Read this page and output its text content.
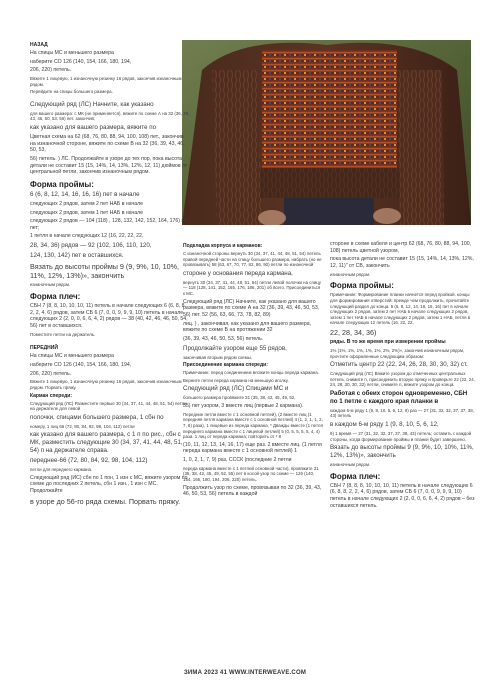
НАЗАД
На спицы МС и меньшего размера
наберите СО 126 (140, 154, 166, 180, 194,
206, 220) петель.
Вяжите 1 лицевую, 1 изнаночную резинку 16 рядов, закончив изнаночным рядом.
Перейдите на спицы большего размера.
Следующий ряд (ЛС) Начните, как указано
для вашего размера: с МК (не применяется), вяжите по схеме А на 32 (36, 39, 43, 46, 50, 53, 56) пет. закончив;
как указано для вашего размера, вяжите по
Цветная схема на 62 (68, 76, 80, 88, 94, 100, 108) пет., закончив на изнаночной стороне, вяжите по схеме В на 32 (36, 39, 43, 46, 50, 53,
56) петель. ) ЛС. Продолжайте в узоре до тех пор, пока высота детали не составит 15 (15, 14%, 14, 13%, 12%, 12, 11) дюймов от центральной петли, закончив изнаночным рядом.
Форма проймы:
6 (6, 8, 12, 14, 16, 16, 16) пет в начале
следующих 2 рядов, затем 2 пет НАБ в начале
следующих 2 рядов, затем 1 пет НАБ в начале
следующих 2 рядов — 104 (118) , 128, 132, 142, 152, 164, 176) пет пет;
1 петля в начале следующих 12 (16, 22, 22, 22,
28, 34, 36) рядов — 92 (102, 106, 110, 120,
124, 130, 142) пет в оставшихся.
Вязать до высоты проймы 9 (9, 9%, 10, 10%, 11%, 12%, 13%)», закончить
изнаночным рядом.
Форма плеч:
СБН 7 (8, 8, 10, 10, 10, 11) петель в начале следующих 6 (6, 8, 8, 2, 2, 4, 6) рядов, затем СБ 6 (7, 0, 0, 9, 9, 9, 10) петель в начале следующих 2 (2, 0, 0, 6, 6, 4, 2) рядов — 38 (40, 42, 46, 46, 50, 54, 56) пет в оставшихся.
Поместите петли на держатель.
ПЕРЕДНИЙ
На спицы МС и меньшего размера
наберите СО 126 (140, 154, 166, 180, 194,
206, 220) петель.
Вяжите 1 лицевую, 1 изнаночную резинку 16 рядов, закончив изнаночным рядом. Порвать пряжу.
Карман спереди:
Следующий ряд (ЛС) Разместите первые 30 (34, 37, 41, 44, 48, 51, 54) петли на держателе для левой
полочки, спицами большего размера, 1 сбн по
номеру, 1 лиц 66 (72, 80, 84, 92, 98, 104, 112) петли
как указано для вашего размера, с 1 п по рис., сбн с МК, разместить следующие 30 (34, 37, 41, 44, 48, 51, 54) п на держателе справа.
переднее-66 (72, 80, 84, 92, 98, 104, 112)
петли для переднего кармана.
Следующий ряд (ИС) сбн по 1 пон, 1 изн с МС, вяжите узором по схеме до последних 2 петель, сбн 1 изн., 1 изн с МС. Продолжайте
в узоре до 56-го ряда схемы. Порвать пряжу.
Подкладка корпуса и карманов:
С изнаночной стороны вернуть 30 (34, 37, 41, 44, 48, 51, 54) петель правой передней части на спицу большего размера, набрать (но не провязывать) 58 (63, 67, 70, 77, 82, 86, 90) петли по изнаночной
стороне у основания переда кармана,
вернуть 30 (34, 37, 41, 44, 48, 51, 54) петли левой полочки на спицу — 118 (128, 141, 152, 165, 176, 186, 201) об всего. Присоединиться к МС.
Следующий ряд (ЛС) Начните, как указано для вашего размера, вяжите по схеме А на 32 (36, 39, 43, 46, 50, 53, 56) пет. 52 (56, 63, 66, 73, 78, 82, 89)
лиц. ) , закончивая, как указано для вашего размера, вяжите по схеме В на протяжении 32
(36, 39, 43, 46, 50, 53, 56) петель.
Продолжайте узором еще 55 рядов,
закончивая вторым рядом схемы.
Присоединение кармана спереди:
Примечание: перед соединением вложите концы переда кармана.
Верните петли переда кармана на меньшую иголку.
Следующий ряд (ЛС) Спицами МС и
большего размера провяжите 31 (35, 38, 42, 45, 49, 52,
55) пет узором, 3 вместе лиц (первые 2 кармана).
Передние петли вместе с 1 основной петлей), (2 вместе лиц (1 передняя петля кармана вместе с 1 основной петлей) 4 (1, 2, 1, 1, 2, 7, 8) раза), 1 лицевые из переда кармана, * Дважды вместе (1 петля переднего кармана вместе с 1 лицевой петлей) 5 (0, 5, 5, 5, 5, 4, 4) раза. 1 лиц от переда кармана; повторить от * 8
(10, 11, 12, 13, 14, 16, 17) еще раз. 2 вместе лиц. (1 петля переда кармана вместе с 1 основной петлей) 1
1, 0, 2, 1, 7, 9) раз, СССК (последние 2 петли
переда кармана вместе с 1 петлей основной части), провяжите 31 (35, 38, 42, 45, 49, 52, 55) пет в косой узор по схеме — 126 (140, 154, 166, 180, 194, 206, 220) петель.
Продолжить узор по схеме, провязывая по 32 (36, 39, 43, 46, 50, 53, 56) петель в каждой
стороне в схеме кабеля и центр 62 (68, 76, 80, 88, 94, 100, 108) петель цветной узором,
пока высота детали не составит 15 (15, 14%, 14, 13%, 12%, 12, 11)" от СВ, закончить
изнаночным рядом.
Форма проймы:
Примечание: Формирование планки начнется перед пройкой. концы для формирования отверстий; прежде чем продолжить, прочитайте следующий раздел до конца. 6 (6, 8, 12, 14, 16, 16, 16) пет в начале следующих 2 рядов, затем 2 пет НАБ в начале следующих 2 рядов, затем 1 пет НАБ в начале следующих 2 рядов, затем 1 НАБ, петля в начале следующих 12 петель (16, 22, 22,
22, 28, 34, 36)
ряды. В то же время при измерении проймы
1% (1%, 1%, 1%, 1%, 1%, 2%, 2%)», закончив изнаночным рядом, прочтите оформленные следующим образом:
Отметить центр 22 (22, 24, 26, 28, 30, 30, 32) ст.
Следующий ряд (ЛС) Вяжите узором до отмеченных центральных петель, снимите п, присоединить вторую пряжу и проверьте 22 (22, 24, 24, 28, 30, 30, 32) петли, снимите п, вяжите узором до конца.
Работая с обеих сторон одновременно, СБН по 1 петле с каждого края планки в
каждом 6-м ряду 1 (9, 8, 10, 5, 6, 12, 9) раз — 27 (31, 32, 32, 37, 37, 38, 43) петель
в каждом 6-м ряду 1 (9, 8, 10, 5, 6, 12,
9) 1 время — 27 (31, 32, 32, 37, 37, 38, 43) петель; оставить с каждой стороны, когда формирование проймы и планки будет завершено.
Вязать до высоты проймы 9 (9, 9%, 10, 10%, 11%, 12%, 13%)», закончить
изнаночным рядом.
Форма плеч:
СБН 7 (8, 8, 8, 10, 10, 10, 11) петель в начале следующих 6 (6, 8, 8, 2, 2, 4, 6) рядов, затем СБ 6 (7, 0, 0, 9, 9, 9, 10) петель в начале следующих 2 (2, 0, 0, 6, 6, 4, 2) рядов – без оставшихся петель.
ЗИМА 2023 41 WWW.INTERWEAVE.COM
